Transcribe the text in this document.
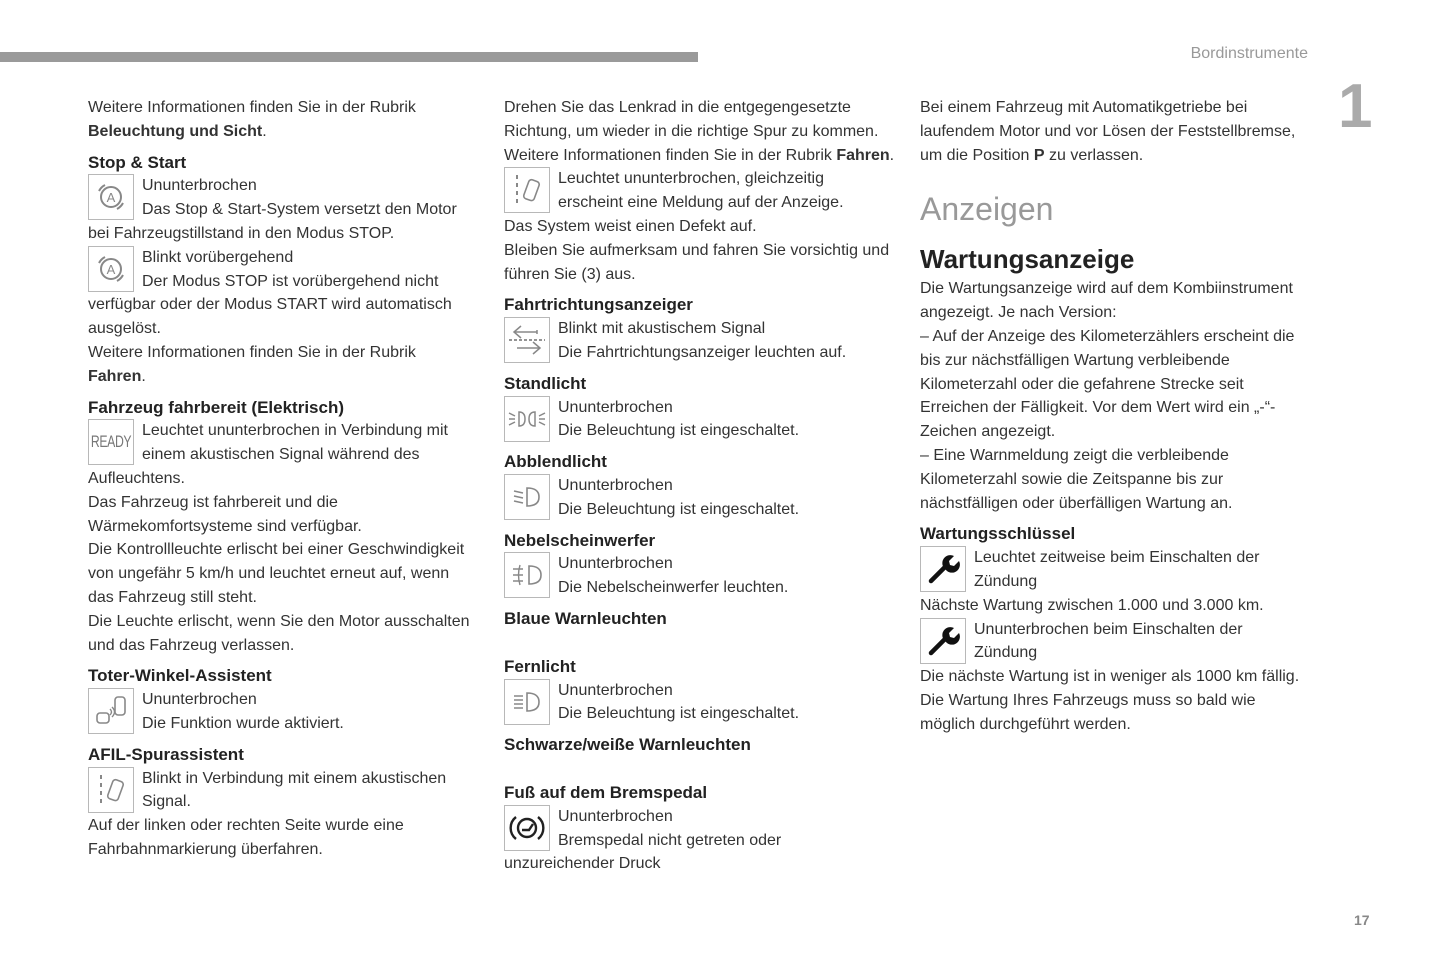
Bordinstrumente
1
17

Weitere Informationen finden Sie in der Rubrik Beleuchtung und Sicht.

Stop & Start
A
Ununterbrochen
Das Stop & Start-System versetzt den Motor

bei Fahrzeugstillstand in den Modus STOP.

A
Blinkt vorübergehend
Der Modus STOP ist vorübergehend nicht

verfügbar oder der Modus START wird automatisch ausgelöst.

Weitere Informationen finden Sie in der Rubrik Fahren.

Fahrzeug fahrbereit (Elektrisch)
READY
Leuchtet ununterbrochen in Verbindung mit
einem akustischen Signal während des

Aufleuchtens.

Das Fahrzeug ist fahrbereit und die Wärmekomfortsysteme sind verfügbar.

Die Kontrollleuchte erlischt bei einer Geschwindigkeit von ungefähr 5 km/h und leuchtet erneut auf, wenn das Fahrzeug still steht.

Die Leuchte erlischt, wenn Sie den Motor ausschalten und das Fahrzeug verlassen.

Toter-Winkel-Assistent
Ununterbrochen
Die Funktion wurde aktiviert.
AFIL-Spurassistent
Blinkt in Verbindung mit einem akustischen
Signal.

Auf der linken oder rechten Seite wurde eine Fahrbahnmarkierung überfahren.

Drehen Sie das Lenkrad in die entgegengesetzte Richtung, um wieder in die richtige Spur zu kommen.

Weitere Informationen finden Sie in der Rubrik Fahren.

Leuchtet ununterbrochen, gleichzeitig
erscheint eine Meldung auf der Anzeige.

Das System weist einen Defekt auf.

Bleiben Sie aufmerksam und fahren Sie vorsichtig und führen Sie (3) aus.

Fahrtrichtungsanzeiger
Blinkt mit akustischem Signal
Die Fahrtrichtungsanzeiger leuchten auf.
Standlicht
Ununterbrochen
Die Beleuchtung ist eingeschaltet.
Abblendlicht
Ununterbrochen
Die Beleuchtung ist eingeschaltet.
Nebelscheinwerfer
Ununterbrochen
Die Nebelscheinwerfer leuchten.
Blaue Warnleuchten
Fernlicht
Ununterbrochen
Die Beleuchtung ist eingeschaltet.
Schwarze/weiße Warnleuchten
Fuß auf dem Bremspedal
Ununterbrochen
Bremspedal nicht getreten oder

unzureichender Druck

Bei einem Fahrzeug mit Automatikgetriebe bei laufendem Motor und vor Lösen der Feststellbremse, um die Position P zu verlassen.

Anzeigen
Wartungsanzeige

Die Wartungsanzeige wird auf dem Kombiinstrument angezeigt. Je nach Version:

– Auf der Anzeige des Kilometerzählers erscheint die bis zur nächstfälligen Wartung verbleibende Kilometerzahl oder die gefahrene Strecke seit Erreichen der Fälligkeit. Vor dem Wert wird ein „-“-Zeichen angezeigt.

– Eine Warnmeldung zeigt die verbleibende Kilometerzahl sowie die Zeitspanne bis zur nächstfälligen oder überfälligen Wartung an.

Wartungsschlüssel
Leuchtet zeitweise beim Einschalten der
Zündung

Nächste Wartung zwischen 1.000 und 3.000 km.

Ununterbrochen beim Einschalten der
Zündung

Die nächste Wartung ist in weniger als 1000 km fällig.

Die Wartung Ihres Fahrzeugs muss so bald wie möglich durchgeführt werden.
